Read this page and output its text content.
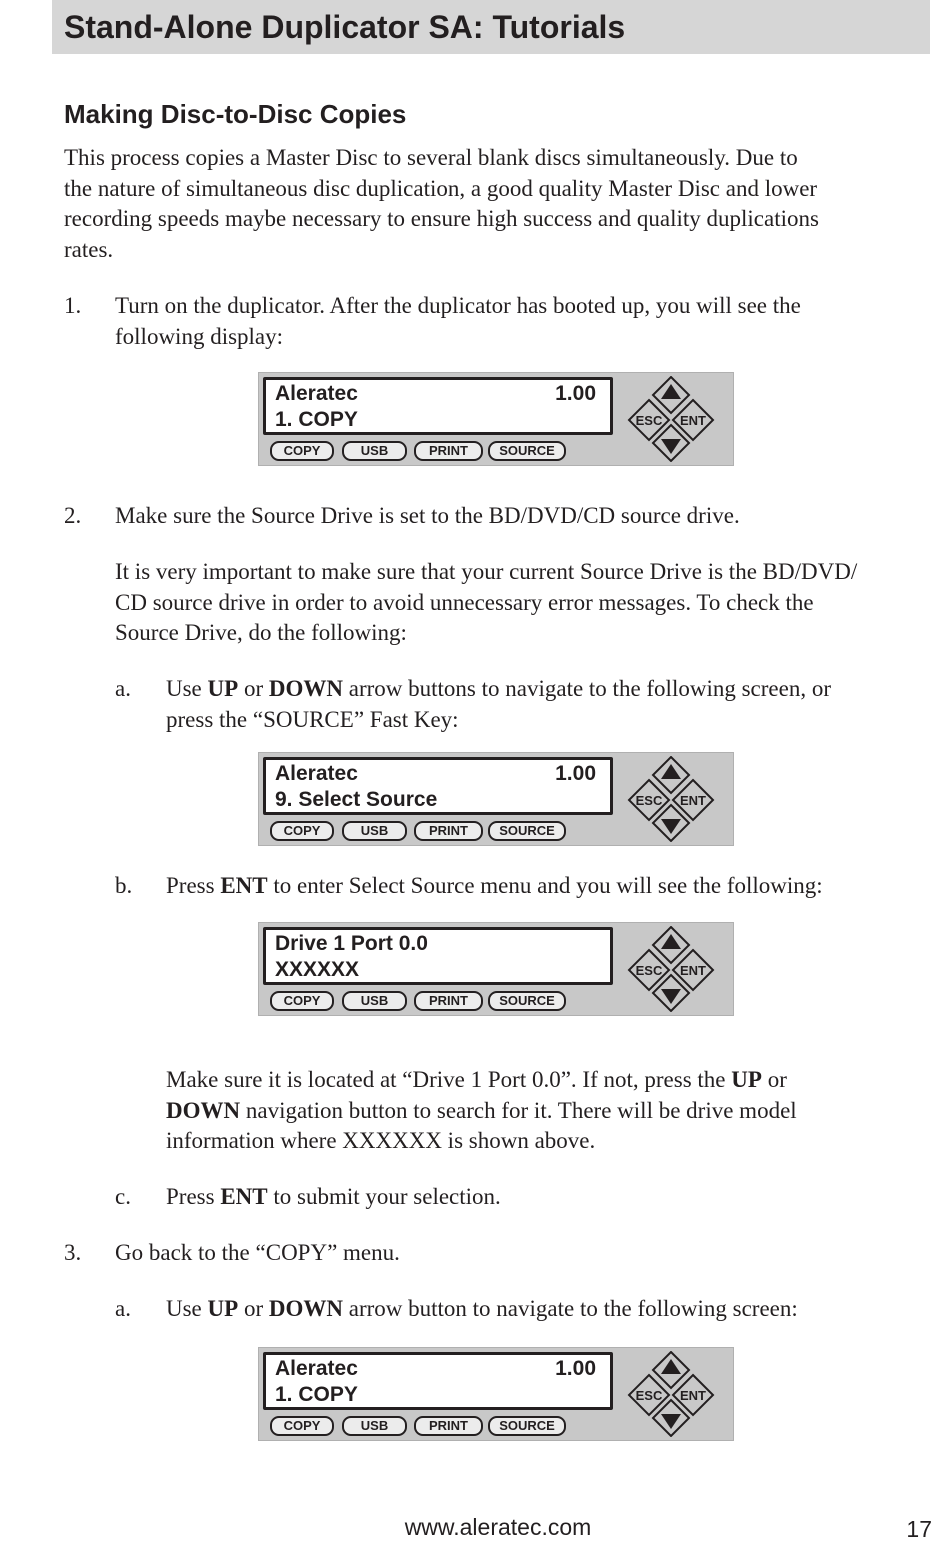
Stand-Alone Duplicator SA: Tutorials
Making Disc-to-Disc Copies

This process copies a Master Disc to several blank discs simultaneously. Due to
the nature of simultaneous disc duplication, a good quality Master Disc and lower
recording speeds maybe necessary to ensure high success and quality duplications
rates.

1. Turn on the duplicator. After the duplicator has booted up, you will see the
following display:

Aleratec	1.00
1. COPY
COPY	USB	PRINT	SOURCE
ESC ENT
2. Make sure the Source Drive is set to the BD/DVD/CD source drive.

It is very important to make sure that your current Source Drive is the BD/DVD/
CD source drive in order to avoid unnecessary error messages. To check the
Source Drive, do the following:

a. Use UP or DOWN arrow buttons to navigate to the following screen, or
press the “SOURCE” Fast Key:

Aleratec	1.00
9. Select Source
COPY	USB	PRINT	SOURCE
ESC ENT
b. Press ENT to enter Select Source menu and you will see the following:

Drive 1 Port 0.0
XXXXXX
COPY	USB	PRINT	SOURCE
ESC ENT

Make sure it is located at “Drive 1 Port 0.0”. If not, press the UP or
DOWN navigation button to search for it. There will be drive model
information where XXXXXX is shown above.

c. Press ENT to submit your selection.

3. Go back to the “COPY” menu.

a. Use UP or DOWN arrow button to navigate to the following screen:

Aleratec	1.00
1. COPY
COPY	USB	PRINT	SOURCE
ESC ENT
www.aleratec.com	17
